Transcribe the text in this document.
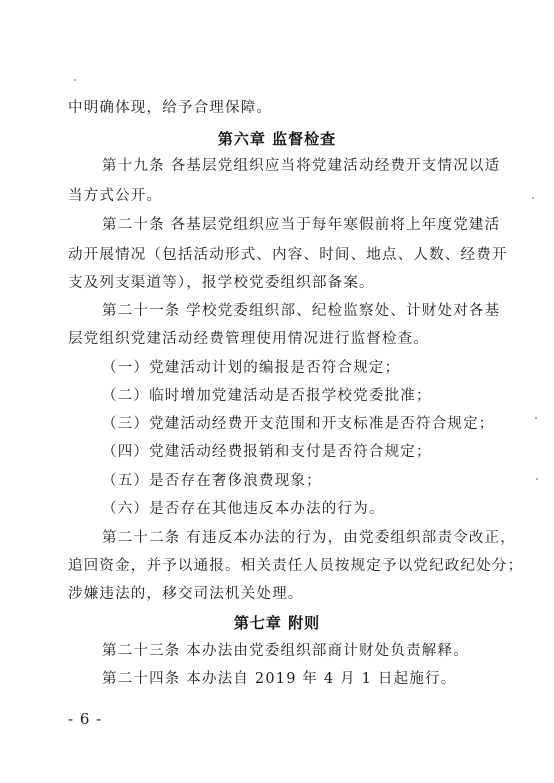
中明确体现，给予合理保障。
第六章 监督检查
第十九条 各基层党组织应当将党建活动经费开支情况以适
当方式公开。
第二十条 各基层党组织应当于每年寒假前将上年度党建活
动开展情况（包括活动形式、内容、时间、地点、人数、经费开
支及列支渠道等），报学校党委组织部备案。
第二十一条 学校党委组织部、纪检监察处、计财处对各基
层党组织党建活动经费管理使用情况进行监督检查。
（一）党建活动计划的编报是否符合规定；
（二）临时增加党建活动是否报学校党委批准；
（三）党建活动经费开支范围和开支标准是否符合规定；
（四）党建活动经费报销和支付是否符合规定；
（五）是否存在奢侈浪费现象；
（六）是否存在其他违反本办法的行为。
第二十二条 有违反本办法的行为，由党委组织部责令改正，
追回资金，并予以通报。相关责任人员按规定予以党纪政纪处分；
涉嫌违法的，移交司法机关处理。
第七章 附则
第二十三条 本办法由党委组织部商计财处负责解释。
第二十四条 本办法自 2019 年 4 月 1 日起施行。
- 6 -
